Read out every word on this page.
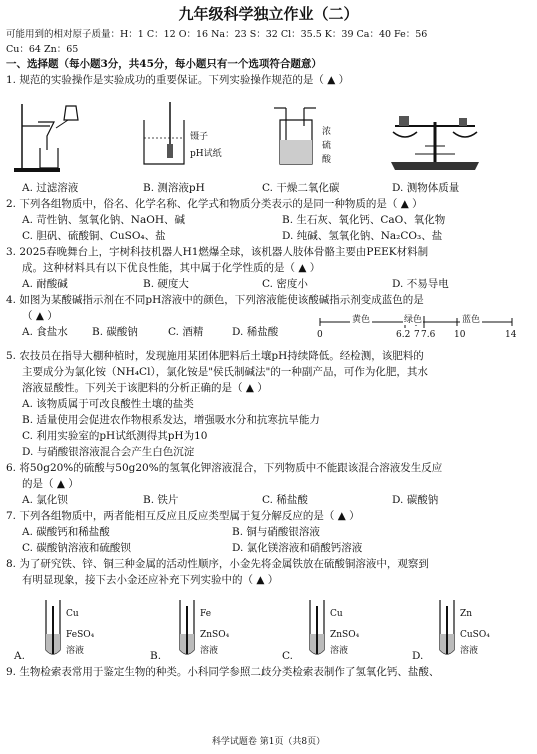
九年级科学独立作业（二）
可能用到的相对原子质量：H：1 C：12 O：16 Na：23 S：32 Cl：35.5 K：39 Ca：40 Fe：56
Cu：64 Zn：65
一、选择题（每小题3分，共45分，每小题只有一个选项符合题意）
1. 规范的实验操作是实验成功的重要保证。下列实验操作规范的是（ ▲ ）
镊子
pH试纸
浓
硫
酸
A. 过滤溶液	B. 测溶液pH	C. 干燥二氧化碳	D. 测物体质量
2. 下列各组物质中，俗名、化学名称、化学式和物质分类表示的是同一种物质的是（ ▲ ）
A. 苛性钠、氢氧化钠、NaOH、碱	B. 生石灰、氧化钙、CaO、氧化物
C. 胆矾、硫酸铜、CuSO₄、盐	D. 纯碱、氢氧化钠、Na₂CO₃、盐
3. 2025春晚舞台上，宇树科技机器人H1燃爆全球，该机器人肢体骨骼主要由PEEK材料制
成。这种材料具有以下优良性能，其中属于化学性质的是（ ▲ ）
A. 耐酸碱	B. 硬度大	C. 密度小	D. 不易导电
4. 如图为某酸碱指示剂在不同pH溶液中的颜色，下列溶液能使该酸碱指示剂变成蓝色的是
（ ▲ ）
A. 食盐水 B. 碳酸钠	C. 酒精	D. 稀盐酸
黄色	绿色	蓝色
0	6.2 7 7.6 10	14
5. 农技员在指导大棚种植时，发现施用某团体肥料后土壤pH持续降低。经检测，该肥料的
主要成分为氯化铵（NH₄Cl），氯化铵是"侯氏制碱法"的一种副产品，可作为化肥，其水
溶液显酸性。下列关于该肥料的分析正确的是（ ▲ ）
A. 该物质属于可改良酸性土壤的盐类
B. 适量使用会促进农作物根系发达，增强吸水分和抗寒抗旱能力
C. 利用实验室的pH试纸测得其pH为10
D. 与硝酸银溶液混合会产生白色沉淀
6. 将50g20%的硫酸与50g20%的氢氧化钾溶液混合，下列物质中不能跟该混合溶液发生反应
的是（ ▲ ）
A. 氯化钡	B. 铁片	C. 稀盐酸	D. 碳酸钠
7. 下列各组物质中，两者能相互反应且反应类型属于复分解反应的是（ ▲ ）
A. 碳酸钙和稀盐酸	B. 铜与硝酸银溶液
C. 碳酸钠溶液和硫酸钡	D. 氯化镁溶液和硝酸钙溶液
8. 为了研究铁、锌、铜三种金属的活动性顺序，小金先将金属铁放在硫酸铜溶液中，观察到
有明显现象，接下去小金还应补充下列实验中的（ ▲ ）
Cu
FeSO₄
溶液
A.
Fe
ZnSO₄
溶液
B.
Cu
ZnSO₄
溶液
C.
Zn
CuSO₄
溶液
D.
9. 生物检索表常用于鉴定生物的种类。小科同学参照二歧分类检索表制作了氢氧化钙、盐酸、
科学试题卷 第1页（共8页）
